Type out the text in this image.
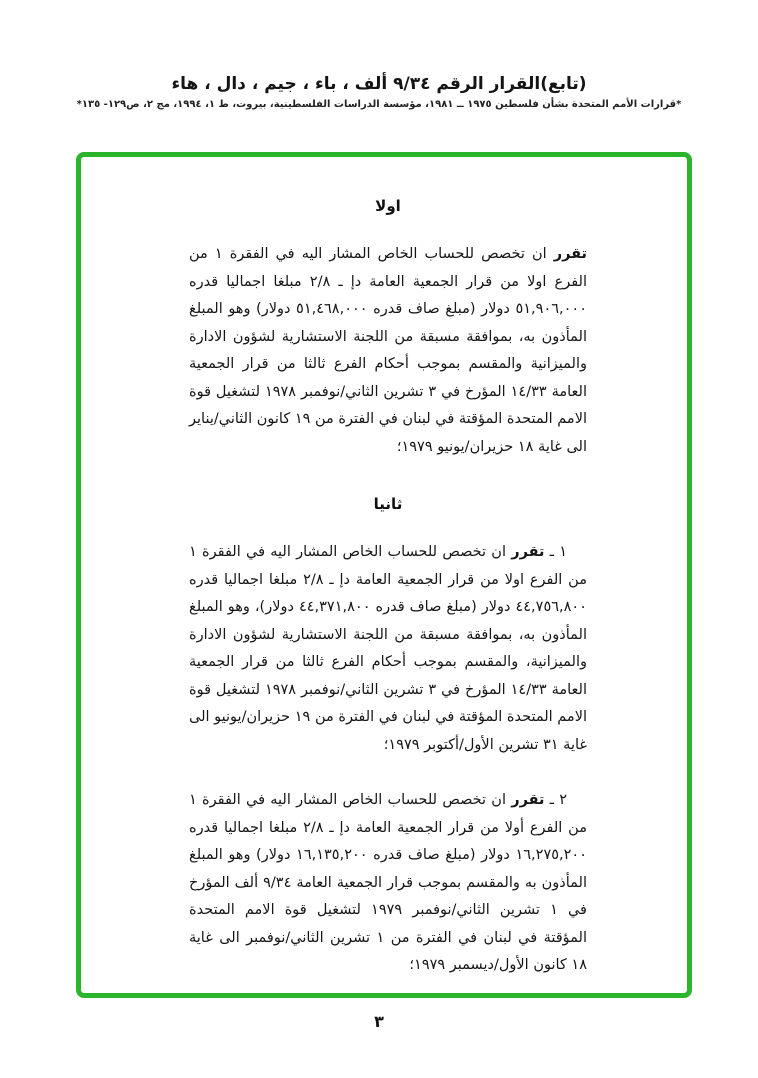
(تابع)القرار الرقم ٩/٣٤ ألف ، باء ، جيم ، دال ، هاء
*قرارات الأمم المتحدة بشأن فلسطين ١٩٧٥ ــ ١٩٨١، مؤسسة الدراسات الفلسطينية، بيروت، ط ١، ١٩٩٤، مج ٢، ص١٢٩- ١٣٥*
اولا

تقرر ان تخصص للحساب الخاص المشار اليه في الفقرة ١ من الفرع اولا من قرار الجمعية العامة دإ ـ ٢/٨ مبلغا اجماليا قدره ٥١,٩٠٦,٠٠٠ دولار (مبلغ صاف قدره ٥١,٤٦٨,٠٠٠ دولار) وهو المبلغ المأذون به، بموافقة مسبقة من اللجنة الاستشارية لشؤون الادارة والميزانية والمقسم بموجب أحكام الفرع ثالثا من قرار الجمعية العامة ١٤/٣٣ المؤرخ في ٣ تشرين الثاني/نوفمبر ١٩٧٨ لتشغيل قوة الامم المتحدة المؤقتة في لبنان في الفترة من ١٩ كانون الثاني/يناير الى غاية ١٨ حزيران/يونيو ١٩٧٩؛

ثانيا

١ ـ تقرر ان تخصص للحساب الخاص المشار اليه في الفقرة ١ من الفرع اولا من قرار الجمعية العامة دإ ـ ٢/٨ مبلغا اجماليا قدره ٤٤,٧٥٦,٨٠٠ دولار (مبلغ صاف قدره ٤٤,٣٧١,٨٠٠ دولار)، وهو المبلغ المأذون به، بموافقة مسبقة من اللجنة الاستشارية لشؤون الادارة والميزانية، والمقسم بموجب أحكام الفرع ثالثا من قرار الجمعية العامة ١٤/٣٣ المؤرخ في ٣ تشرين الثاني/نوفمبر ١٩٧٨ لتشغيل قوة الامم المتحدة المؤقتة في لبنان في الفترة من ١٩ حزيران/يونيو الى غاية ٣١ تشرين الأول/أكتوبر ١٩٧٩؛

٢ ـ تقرر ان تخصص للحساب الخاص المشار اليه في الفقرة ١ من الفرع أولا من قرار الجمعية العامة دإ ـ ٢/٨ مبلغا اجماليا قدره ١٦,٢٧٥,٢٠٠ دولار (مبلغ صاف قدره ١٦,١٣٥,٢٠٠ دولار) وهو المبلغ المأذون به والمقسم بموجب قرار الجمعية العامة ٩/٣٤ ألف المؤرخ في ١ تشرين الثاني/نوفمبر ١٩٧٩ لتشغيل قوة الامم المتحدة المؤقتة في لبنان في الفترة من ١ تشرين الثاني/نوفمبر الى غاية ١٨ كانون الأول/ديسمبر ١٩٧٩؛

٣
